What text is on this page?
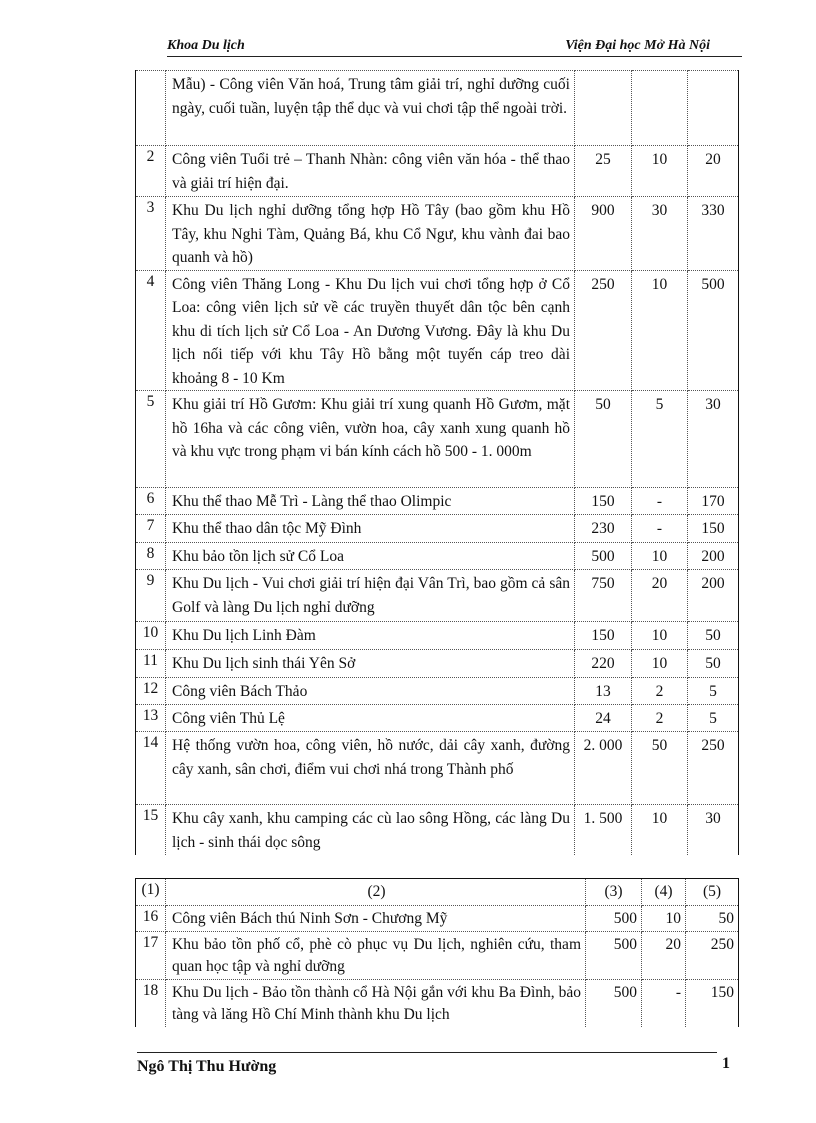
Khoa Du lịch	Viện Đại học Mở Hà Nội
	Mẫu) - Công viên Văn hoá, Trung tâm giải trí, nghỉ dưỡng cuối ngày, cuối tuần, luyện tập thể dục và vui chơi tập thể ngoài trời.			
2	Công viên Tuổi trẻ – Thanh Nhàn: công viên văn hóa - thể thao và giải trí hiện đại.	25	10	20
3	Khu Du lịch nghỉ dưỡng tổng hợp Hồ Tây (bao gồm khu Hồ Tây, khu Nghi Tàm, Quảng Bá, khu Cổ Ngư, khu vành đai bao quanh và hồ)	900	30	330
4	Công viên Thăng Long - Khu Du lịch vui chơi tổng hợp ở Cổ Loa: công viên lịch sử về các truyền thuyết dân tộc bên cạnh khu di tích lịch sử Cổ Loa - An Dương Vương. Đây là khu Du lịch nối tiếp với khu Tây Hồ bằng một tuyến cáp treo dài khoảng 8 - 10 Km	250	10	500
5	Khu giải trí Hồ Gươm: Khu giải trí xung quanh Hồ Gươm, mặt hồ 16ha và các công viên, vườn hoa, cây xanh xung quanh hồ và khu vực trong phạm vi bán kính cách hồ 500 - 1. 000m	50	5	30
6	Khu thể thao Mễ Trì - Làng thể thao Olimpic	150	-	170
7	Khu thể thao dân tộc Mỹ Đình	230	-	150
8	Khu bảo tồn lịch sử Cổ Loa	500	10	200
9	Khu Du lịch - Vui chơi giải trí hiện đại Vân Trì, bao gồm cả sân Golf và làng Du lịch nghỉ dưỡng	750	20	200
10	Khu Du lịch Linh Đàm	150	10	50
11	Khu Du lịch sinh thái Yên Sở	220	10	50
12	Công viên Bách Thảo	13	2	5
13	Công viên Thủ Lệ	24	2	5
14	Hệ thống vườn hoa, công viên, hồ nước, dải cây xanh, đường cây xanh, sân chơi, điểm vui chơi nhá trong Thành phố	2. 000	50	250
15	Khu cây xanh, khu camping các cù lao sông Hồng, các làng Du lịch - sinh thái dọc sông	1. 500	10	30
(1)	(2)	(3)	(4)	(5)
16	Công viên Bách thú Ninh Sơn - Chương Mỹ	500	10	50
17	Khu bảo tồn phố cổ, phè cò phục vụ Du lịch, nghiên cứu, tham quan học tập và nghỉ dưỡng	500	20	250
18	Khu Du lịch - Bảo tồn thành cổ Hà Nội gắn với khu Ba Đình, bảo tàng và lăng Hồ Chí Minh thành khu Du lịch	500	-	150
Ngô Thị Thu Hường	1
